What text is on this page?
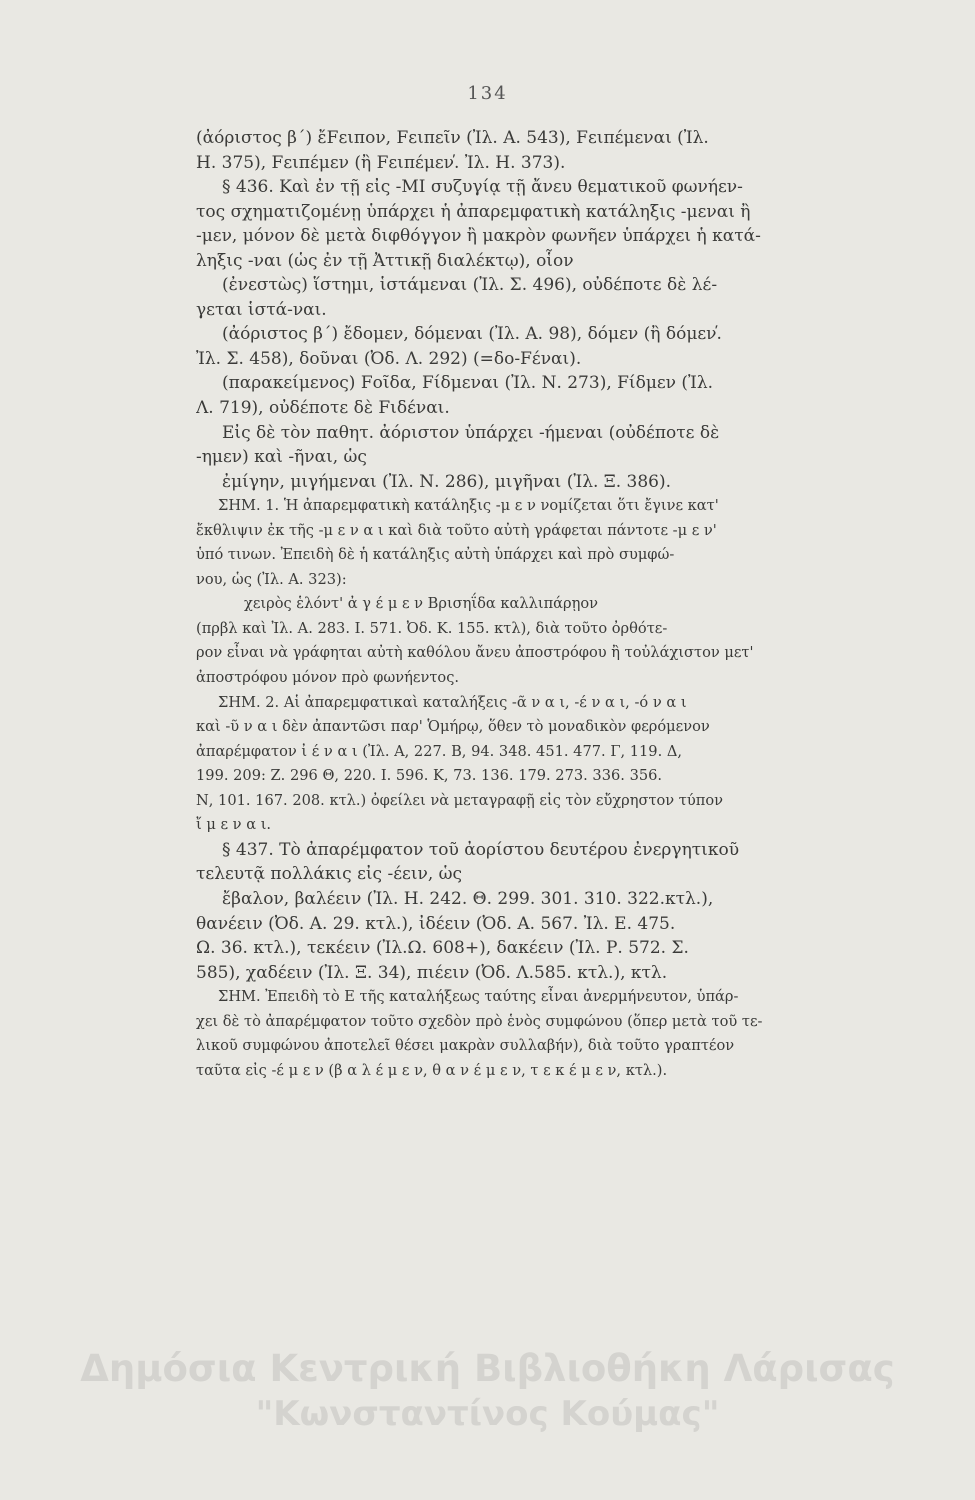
134
(ἀόριστος β΄) ἔFειπον, Fειπεῖν (Ἰλ. Α. 543), Fειπέμεναι (Ἰλ.
Η. 375), Fειπέμεν (ἢ Fειπέμεν̕. Ἰλ. Η. 373).
§ 436. Καὶ ἐν τῇ εἰς -ΜΙ συζυγίᾳ τῇ ἄνευ θεματικοῦ φωνήεν-
τος σχηματιζομένῃ ὑπάρχει ἡ ἀπαρεμφατικὴ κατάληξις -μεναι ἢ
-μεν, μόνον δὲ μετὰ διφθόγγον ἢ μακρὸν φωνῆεν ὑπάρχει ἡ κατά-
ληξις -ναι (ὡς ἐν τῇ Ἀττικῇ διαλέκτῳ), οἷον
(ἐνεστὼς) ἵστημι, ἱστάμεναι (Ἰλ. Σ. 496), οὐδέποτε δὲ λέ-
γεται ἱστά-ναι.
(ἀόριστος β΄) ἔδομεν, δόμεναι (Ἰλ. Α. 98), δόμεν (ἢ δόμεν̕.
Ἰλ. Σ. 458), δοῦναι (Ὀδ. Λ. 292) (=δο-Fέναι).
(παρακείμενος) Fοῖδα, Fίδμεναι (Ἰλ. Ν. 273), Fίδμεν (Ἰλ.
Λ. 719), οὐδέποτε δὲ Fιδέναι.
Εἰς δὲ τὸν παθητ. ἀόριστον ὑπάρχει -ήμεναι (οὐδέποτε δὲ
-ημεν) καὶ -ῆναι, ὡς
ἐμίγην, μιγήμεναι (Ἰλ. Ν. 286), μιγῆναι (Ἰλ. Ξ. 386).
ΣΗΜ. 1. Ἡ ἀπαρεμφατικὴ κατάληξις -μ ε ν νομίζεται ὅτι ἔγινε κατ'
ἔκθλιψιν ἐκ τῆς -μ ε ν α ι καὶ διὰ τοῦτο αὐτὴ γράφεται πάντοτε -μ ε ν'
ὑπό τινων. Ἐπειδὴ δὲ ἡ κατάληξις αὐτὴ ὑπάρχει καὶ πρὸ συμφώ-
νου, ὡς (Ἰλ. Α. 323):
χειρὸς ἑλόντ' ἀ γ έ μ ε ν Βρισηΐδα καλλιπάρῃον
(πρβλ καὶ Ἰλ. Α. 283. Ι. 571. Ὀδ. Κ. 155. κτλ), διὰ τοῦτο ὀρθότε-
ρον εἶναι νὰ γράφηται αὐτὴ καθόλου ἄνευ ἀποστρόφου ἢ τοὐλάχιστον μετ'
ἀποστρόφου μόνον πρὸ φωνήεντος.
ΣΗΜ. 2. Αἱ ἀπαρεμφατικαὶ καταλήξεις -ᾶ ν α ι, -έ ν α ι, -ό ν α ι
καὶ -ῦ ν α ι δὲν ἀπαντῶσι παρ' Ὁμήρῳ, ὅθεν τὸ μοναδικὸν φερόμενον
ἀπαρέμφατον ἰ έ ν α ι (Ἰλ. Α, 227. Β, 94. 348. 451. 477. Γ, 119. Δ,
199. 209: Ζ. 296 Θ, 220. Ι. 596. Κ, 73. 136. 179. 273. 336. 356.
Ν, 101. 167. 208. κτλ.) ὀφείλει νὰ μεταγραφῇ εἰς τὸν εὔχρηστον τύπον
ἴ μ ε ν α ι.
§ 437. Τὸ ἀπαρέμφατον τοῦ ἀορίστου δευτέρου ἐνεργητικοῦ
τελευτᾷ πολλάκις εἰς -έειν, ὡς
ἔβαλον, βαλέειν (Ἰλ. Η. 242. Θ. 299. 301. 310. 322.κτλ.),
θανέειν (Ὀδ. Α. 29. κτλ.), ἰδέειν (Ὀδ. Α. 567. Ἰλ. Ε. 475.
Ω. 36. κτλ.), τεκέειν (Ἰλ.Ω. 608+), δακέειν (Ἰλ. Ρ. 572. Σ.
585), χαδέειν (Ἰλ. Ξ. 34), πιέειν (Ὀδ. Λ.585. κτλ.), κτλ.
ΣΗΜ. Ἐπειδὴ τὸ Ε τῆς καταλήξεως ταύτης εἶναι ἀνερμήνευτον, ὑπάρ-
χει δὲ τὸ ἀπαρέμφατον τοῦτο σχεδὸν πρὸ ἑνὸς συμφώνου (ὅπερ μετὰ τοῦ τε-
λικοῦ συμφώνου ἀποτελεῖ θέσει μακρὰν συλλαβήν), διὰ τοῦτο γραπτέον
ταῦτα εἰς -έ μ ε ν (β α λ έ μ ε ν, θ α ν έ μ ε ν, τ ε κ έ μ ε ν, κτλ.).
Δημόσια Κεντρική Βιβλιοθήκη Λάρισας
"Κωνσταντίνος Κούμας"
